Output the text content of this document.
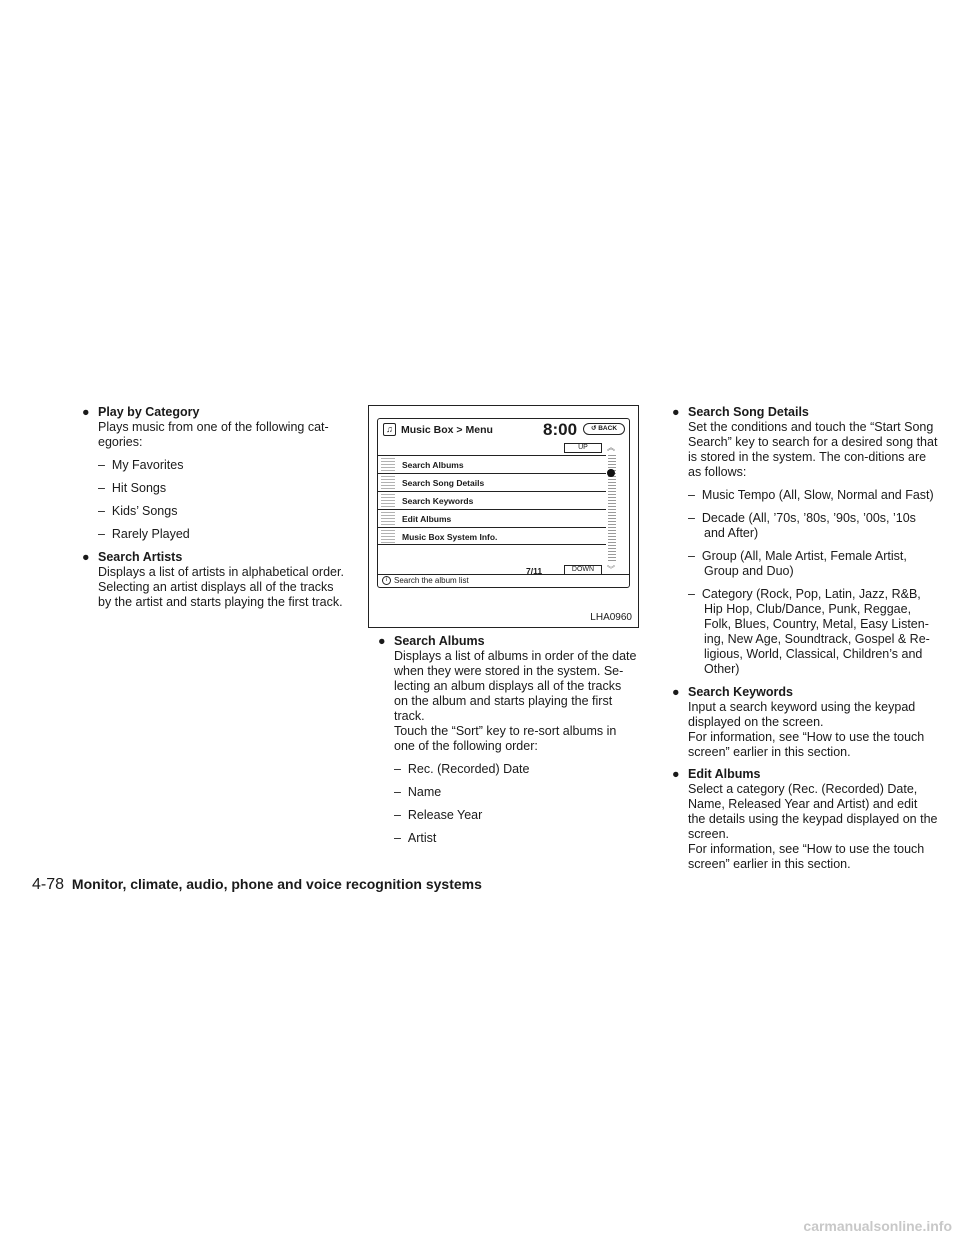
● Play by Category
Plays music from one of the following cat-egories:
–  My Favorites
–  Hit Songs
–  Kids’ Songs
–  Rarely Played
● Search Artists
Displays a list of artists in alphabetical order. Selecting an artist displays all of the tracks by the artist and starts playing the first track.
♫ Music Box > Menu	8:00	↺ BACK
UP	︽
Search Albums
Search Song Details
Search Keywords
Edit Albums
Music Box System Info.
7/11	DOWN	︾
i Search the album list
LHA0960
● Search Albums
Displays a list of albums in order of the date when they were stored in the system. Se-lecting an album displays all of the tracks on the album and starts playing the first track.
Touch the “Sort” key to re-sort albums in one of the following order:
–  Rec. (Recorded) Date
–  Name
–  Release Year
–  Artist
● Search Song Details
Set the conditions and touch the “Start Song Search” key to search for a desired song that is stored in the system. The con-ditions are as follows:
–  Music Tempo (All, Slow, Normal and Fast)
–  Decade (All, ’70s, ’80s, ’90s, ’00s, ’10s and After)
–  Group (All, Male Artist, Female Artist, Group and Duo)
–  Category (Rock, Pop, Latin, Jazz, R&B, Hip Hop, Club/Dance, Punk, Reggae, Folk, Blues, Country, Metal, Easy Listen-ing, New Age, Soundtrack, Gospel & Re-ligious, World, Classical, Children’s and Other)
● Search Keywords
Input a search keyword using the keypad displayed on the screen.
For information, see “How to use the touch screen” earlier in this section.
● Edit Albums
Select a category (Rec. (Recorded) Date, Name, Released Year and Artist) and edit the details using the keypad displayed on the screen.
For information, see “How to use the touch screen” earlier in this section.
4-78 Monitor, climate, audio, phone and voice recognition systems
carmanualsonline.info
